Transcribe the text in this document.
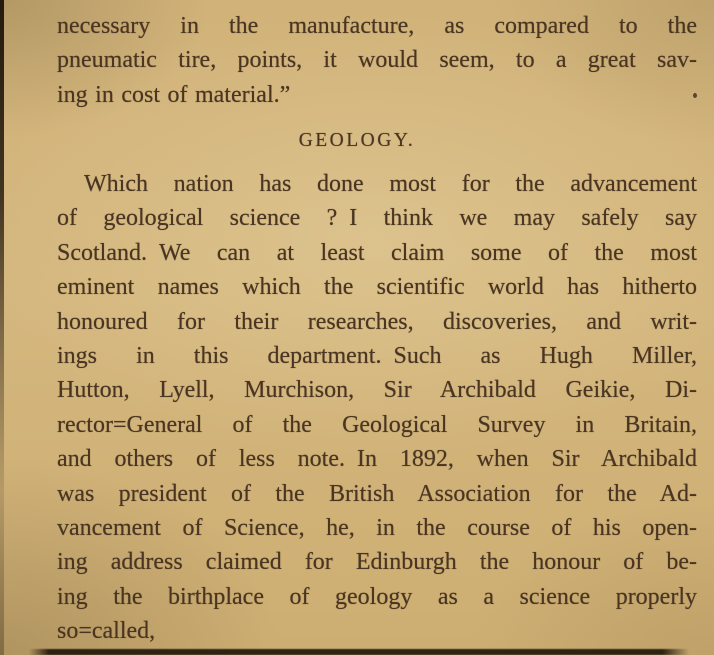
necessary in the manufacture, as compared to the
pneumatic tire, points, it would seem, to a great sav-
ing in cost of material.”
GEOLOGY.
Which nation has done most for the advancement
of geological science ? I think we may safely say
Scotland. We can at least claim some of the most
eminent names which the scientific world has hitherto
honoured for their researches, discoveries, and writ-
ings in this department. Such as Hugh Miller,
Hutton, Lyell, Murchison, Sir Archibald Geikie, Di-
rector=General of the Geological Survey in Britain,
and others of less note. In 1892, when Sir Archibald
was president of the British Association for the Ad-
vancement of Science, he, in the course of his open-
ing address claimed for Edinburgh the honour of be-
ing the birthplace of geology as a science properly
so=called,
